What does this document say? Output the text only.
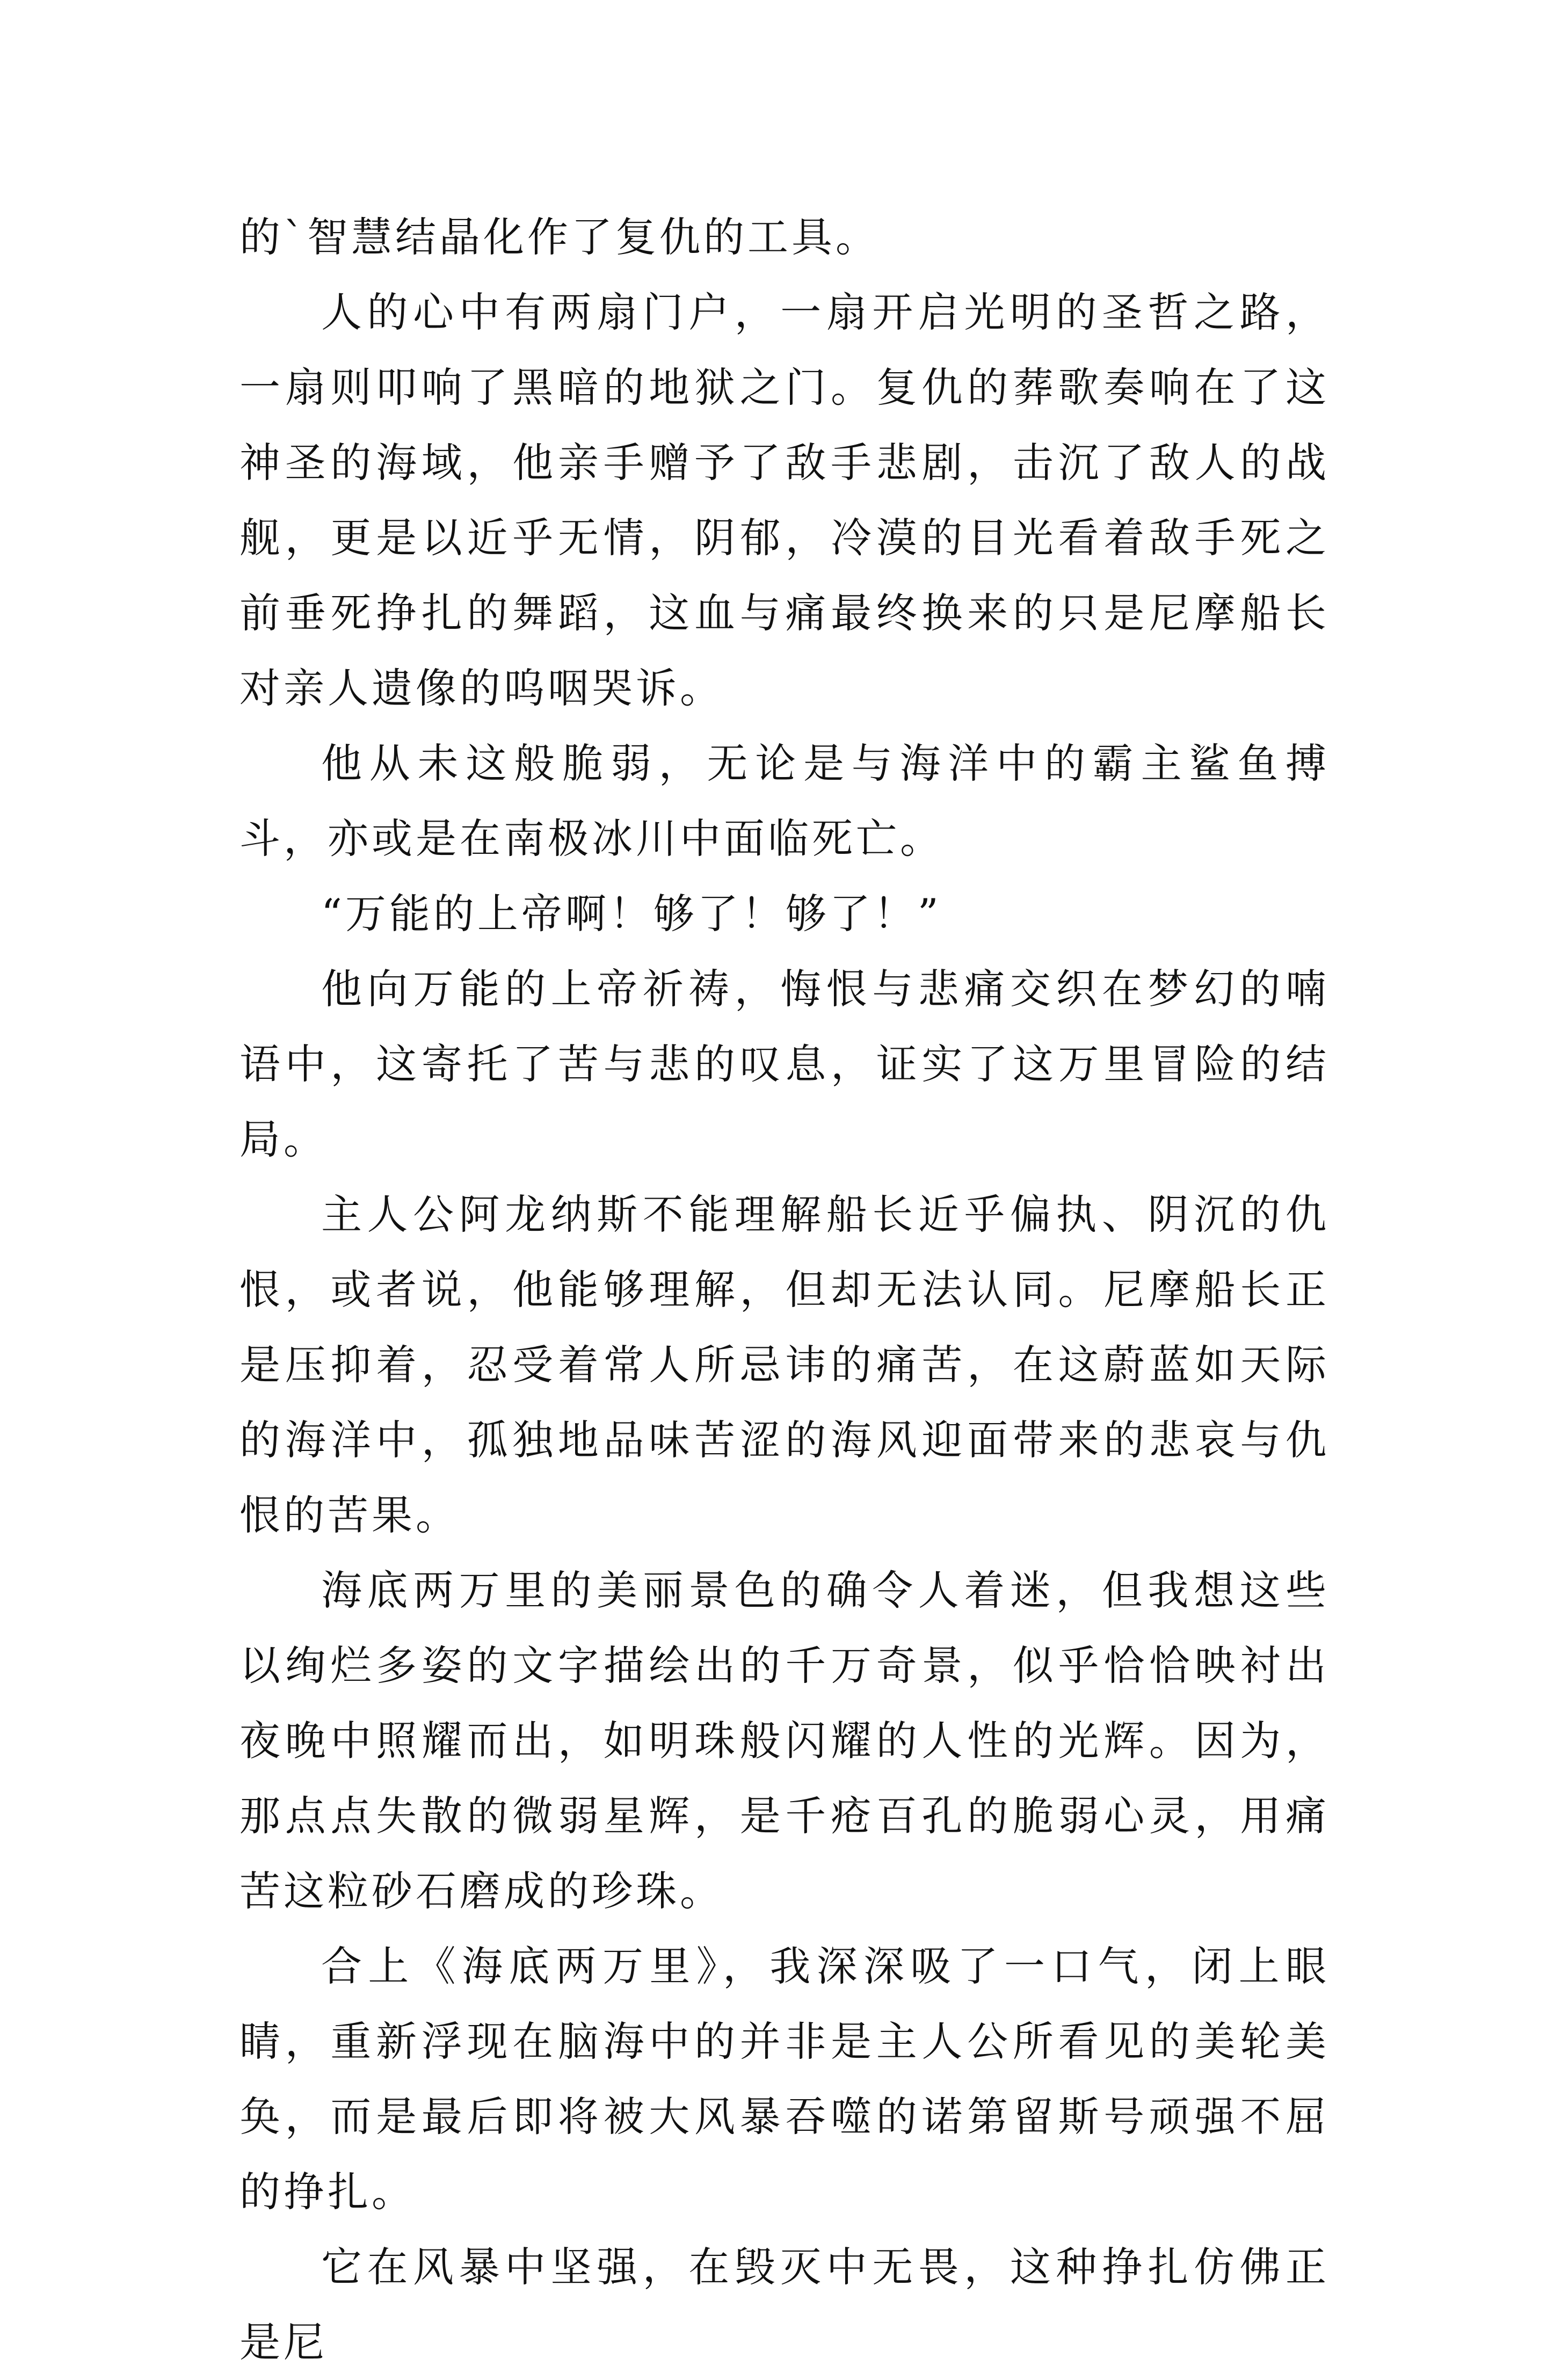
的`智慧结晶化作了复仇的工具。

人的心中有两扇门户，一扇开启光明的圣哲之路，一扇则叩响了黑暗的地狱之门。复仇的葬歌奏响在了这神圣的海域，他亲手赠予了敌手悲剧，击沉了敌人的战舰，更是以近乎无情，阴郁，冷漠的目光看着敌手死之前垂死挣扎的舞蹈，这血与痛最终换来的只是尼摩船长对亲人遗像的呜咽哭诉。

他从未这般脆弱，无论是与海洋中的霸主鲨鱼搏斗，亦或是在南极冰川中面临死亡。

“万能的上帝啊！够了！够了！”

他向万能的上帝祈祷，悔恨与悲痛交织在梦幻的喃语中，这寄托了苦与悲的叹息，证实了这万里冒险的结局。

主人公阿龙纳斯不能理解船长近乎偏执、阴沉的仇恨，或者说，他能够理解，但却无法认同。尼摩船长正是压抑着，忍受着常人所忌讳的痛苦，在这蔚蓝如天际的海洋中，孤独地品味苦涩的海风迎面带来的悲哀与仇恨的苦果。

海底两万里的美丽景色的确令人着迷，但我想这些以绚烂多姿的文字描绘出的千万奇景，似乎恰恰映衬出夜晚中照耀而出，如明珠般闪耀的人性的光辉。因为，那点点失散的微弱星辉，是千疮百孔的脆弱心灵，用痛苦这粒砂石磨成的珍珠。

合上《海底两万里》，我深深吸了一口气，闭上眼睛，重新浮现在脑海中的并非是主人公所看见的美轮美奂，而是最后即将被大风暴吞噬的诺第留斯号顽强不屈的挣扎。

它在风暴中坚强，在毁灭中无畏，这种挣扎仿佛正是尼
